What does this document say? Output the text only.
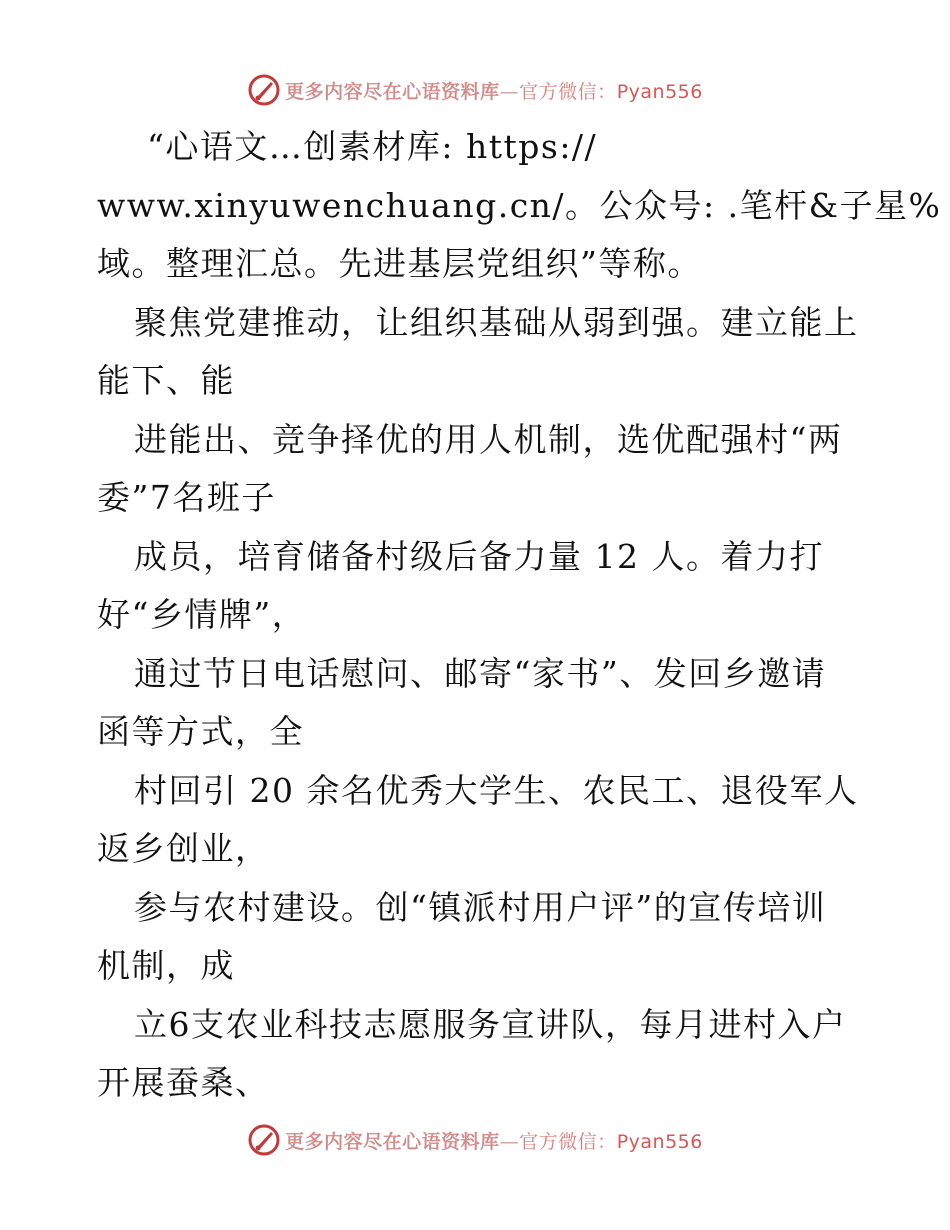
更多内容尽在心语资料库—官方微信：Pyan556
“心语文…创素材库: https://
www.xinyuwenchuang.cn/。公众号: .笔杆&子星%
域。整理汇总。先进基层党组织”等称。
聚焦党建推动，让组织基础从弱到强。建立能上
能下、能
进能出、竞争择优的用人机制，选优配强村“两
委”7名班子
成员，培育储备村级后备力量 12 人。着力打
好“乡情牌”，
通过节日电话慰问、邮寄“家书”、发回乡邀请
函等方式，全
村回引 20 余名优秀大学生、农民工、退役军人
返乡创业，
参与农村建设。创“镇派村用户评”的宣传培训
机制，成
立6支农业科技志愿服务宣讲队，每月进村入户
开展蚕桑、
更多内容尽在心语资料库—官方微信：Pyan556
